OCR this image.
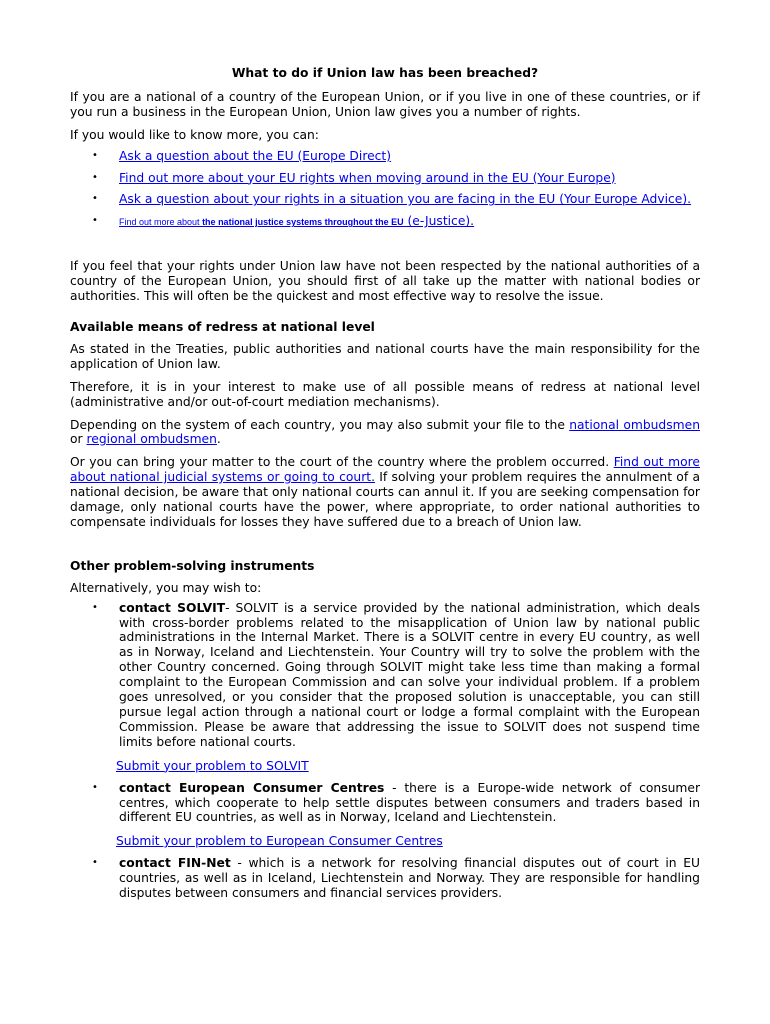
What to do if Union law has been breached?

If you are a national of a country of the European Union, or if you live in one of these countries, or if you run a business in the European Union, Union law gives you a number of rights.

If you would like to know more, you can:

• Ask a question about the EU (Europe Direct)
• Find out more about your EU rights when moving around in the EU (Your Europe)
• Ask a question about your rights in a situation you are facing in the EU (Your Europe Advice).
• Find out more about the national justice systems throughout the EU (e-Justice).

If you feel that your rights under Union law have not been respected by the national authorities of a country of the European Union, you should first of all take up the matter with national bodies or authorities. This will often be the quickest and most effective way to resolve the issue.

Available means of redress at national level

As stated in the Treaties, public authorities and national courts have the main responsibility for the application of Union law.

Therefore, it is in your interest to make use of all possible means of redress at national level (administrative and/or out-of-court mediation mechanisms).

Depending on the system of each country, you may also submit your file to the national ombudsmen or regional ombudsmen.

Or you can bring your matter to the court of the country where the problem occurred. Find out more about national judicial systems or going to court. If solving your problem requires the annulment of a national decision, be aware that only national courts can annul it. If you are seeking compensation for damage, only national courts have the power, where appropriate, to order national authorities to compensate individuals for losses they have suffered due to a breach of Union law.

Other problem-solving instruments

Alternatively, you may wish to:

• contact SOLVIT- SOLVIT is a service provided by the national administration, which deals with cross-border problems related to the misapplication of Union law by national public administrations in the Internal Market. There is a SOLVIT centre in every EU country, as well as in Norway, Iceland and Liechtenstein. Your Country will try to solve the problem with the other Country concerned. Going through SOLVIT might take less time than making a formal complaint to the European Commission and can solve your individual problem. If a problem goes unresolved, or you consider that the proposed solution is unacceptable, you can still pursue legal action through a national court or lodge a formal complaint with the European Commission. Please be aware that addressing the issue to SOLVIT does not suspend time limits before national courts.
Submit your problem to SOLVIT
• contact European Consumer Centres - there is a Europe-wide network of consumer centres, which cooperate to help settle disputes between consumers and traders based in different EU countries, as well as in Norway, Iceland and Liechtenstein.
Submit your problem to European Consumer Centres
• contact FIN-Net - which is a network for resolving financial disputes out of court in EU countries, as well as in Iceland, Liechtenstein and Norway. They are responsible for handling disputes between consumers and financial services providers.
